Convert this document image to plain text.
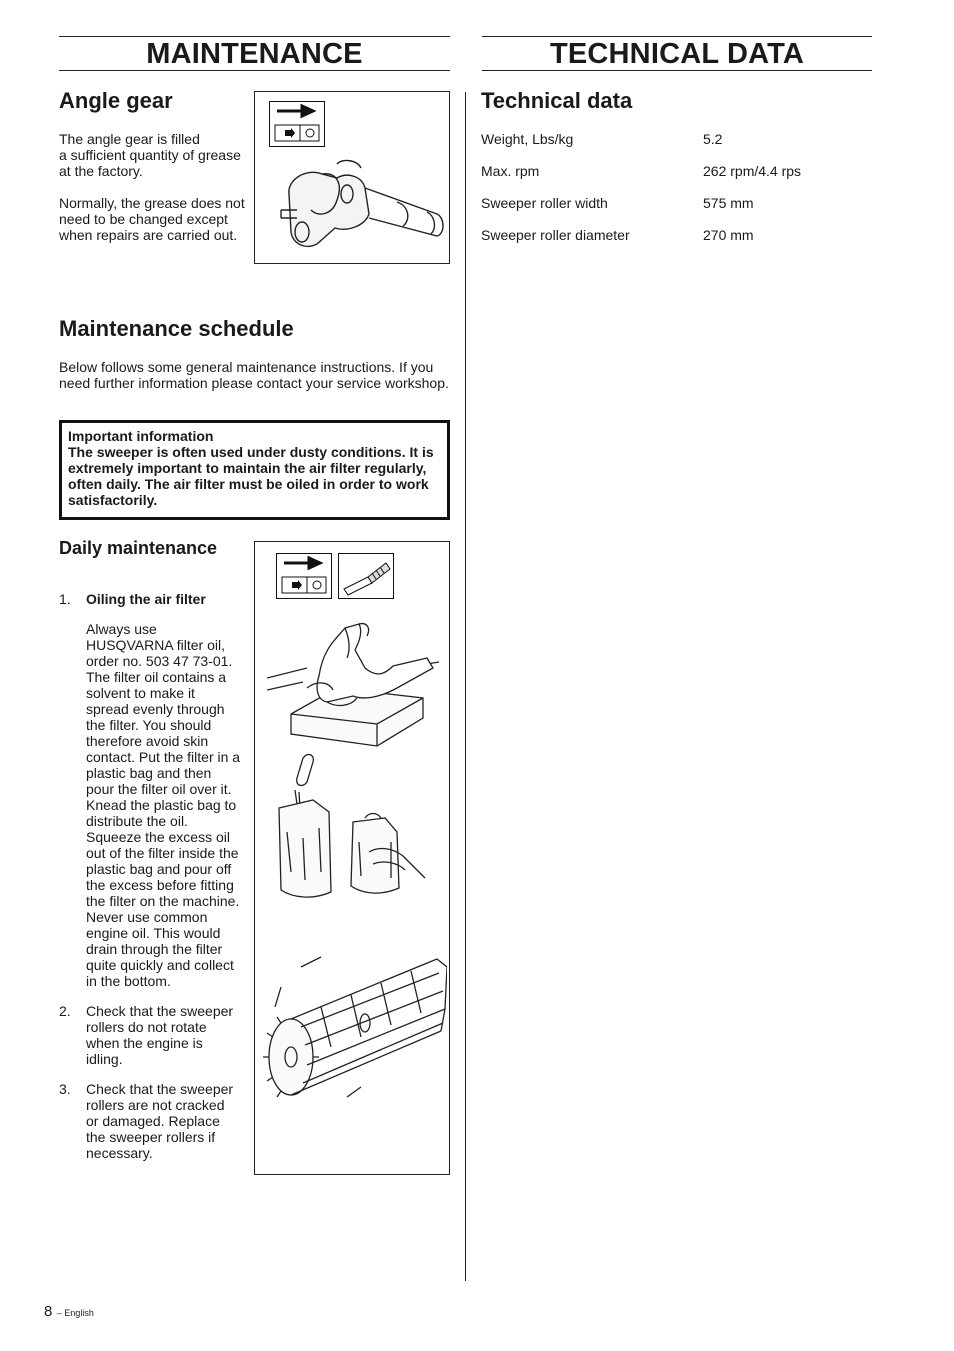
MAINTENANCE
Angle gear

The angle gear is filled
a sufficient quantity of grease
at the factory.

Normally, the grease does not
need to be changed except
when repairs are carried out.

Maintenance schedule

Below follows some general maintenance instructions. If you need further information please contact your service workshop.

Important information
The sweeper is often used under dusty conditions. It is extremely important to maintain the air filter regularly, often daily. The air filter must be oiled in order to work satisfactorily.
Daily maintenance
1. Oiling the air filter
Always use
HUSQVARNA filter oil,
order no. 503 47 73-01.
The filter oil contains a
solvent to make it
spread evenly through
the filter. You should
therefore avoid skin
contact. Put the filter in a
plastic bag and then
pour the filter oil over it.
Knead the plastic bag to
distribute the oil.
Squeeze the excess oil
out of the filter inside the
plastic bag and pour off
the excess before fitting
the filter on the machine.
Never use common
engine oil. This would
drain through the filter
quite quickly and collect
in the bottom.
2. Check that the sweeper
rollers do not rotate
when the engine is
idling.
3. Check that the sweeper
rollers are not cracked
or damaged. Replace
the sweeper rollers if
necessary.
TECHNICAL DATA
Technical data
Weight, Lbs/kg	5.2
Max. rpm	262 rpm/4.4 rps
Sweeper roller width	575 mm
Sweeper roller diameter	270 mm
8 – English
